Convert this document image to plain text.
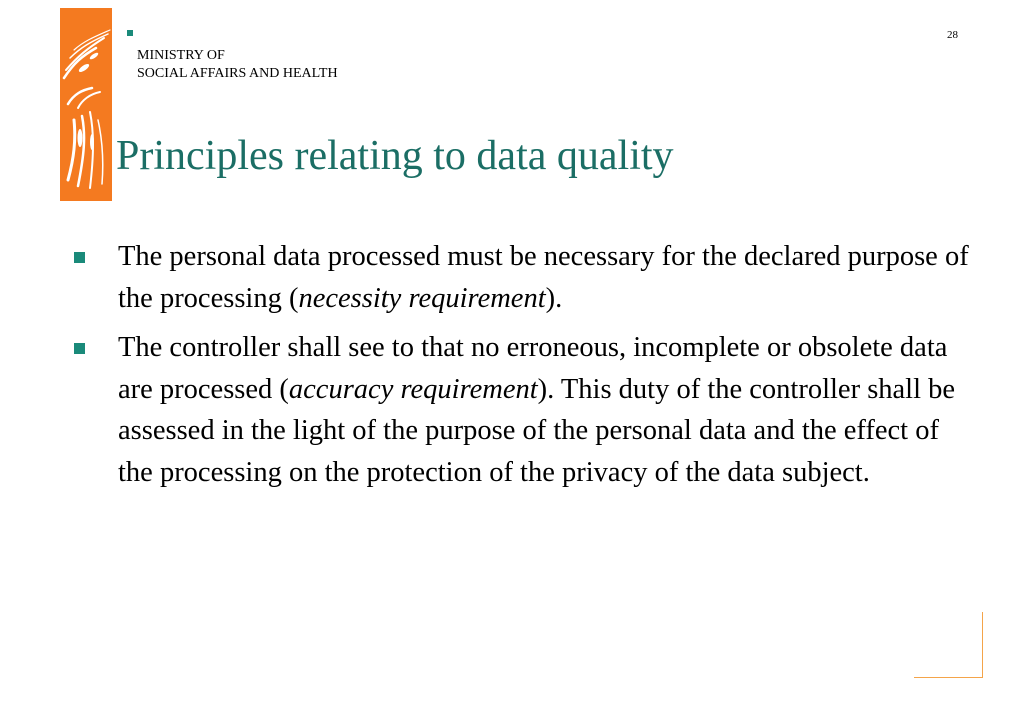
MINISTRY OF
SOCIAL AFFAIRS AND HEALTH
28
Principles relating to data quality
The personal data processed must be necessary for the declared purpose of the processing (necessity requirement).
The controller shall see to that no erroneous, incomplete or obsolete data are processed (accuracy requirement). This duty of the controller shall be assessed in the light of the purpose of the personal data and the effect of the processing on the protection of the privacy of the data subject.
